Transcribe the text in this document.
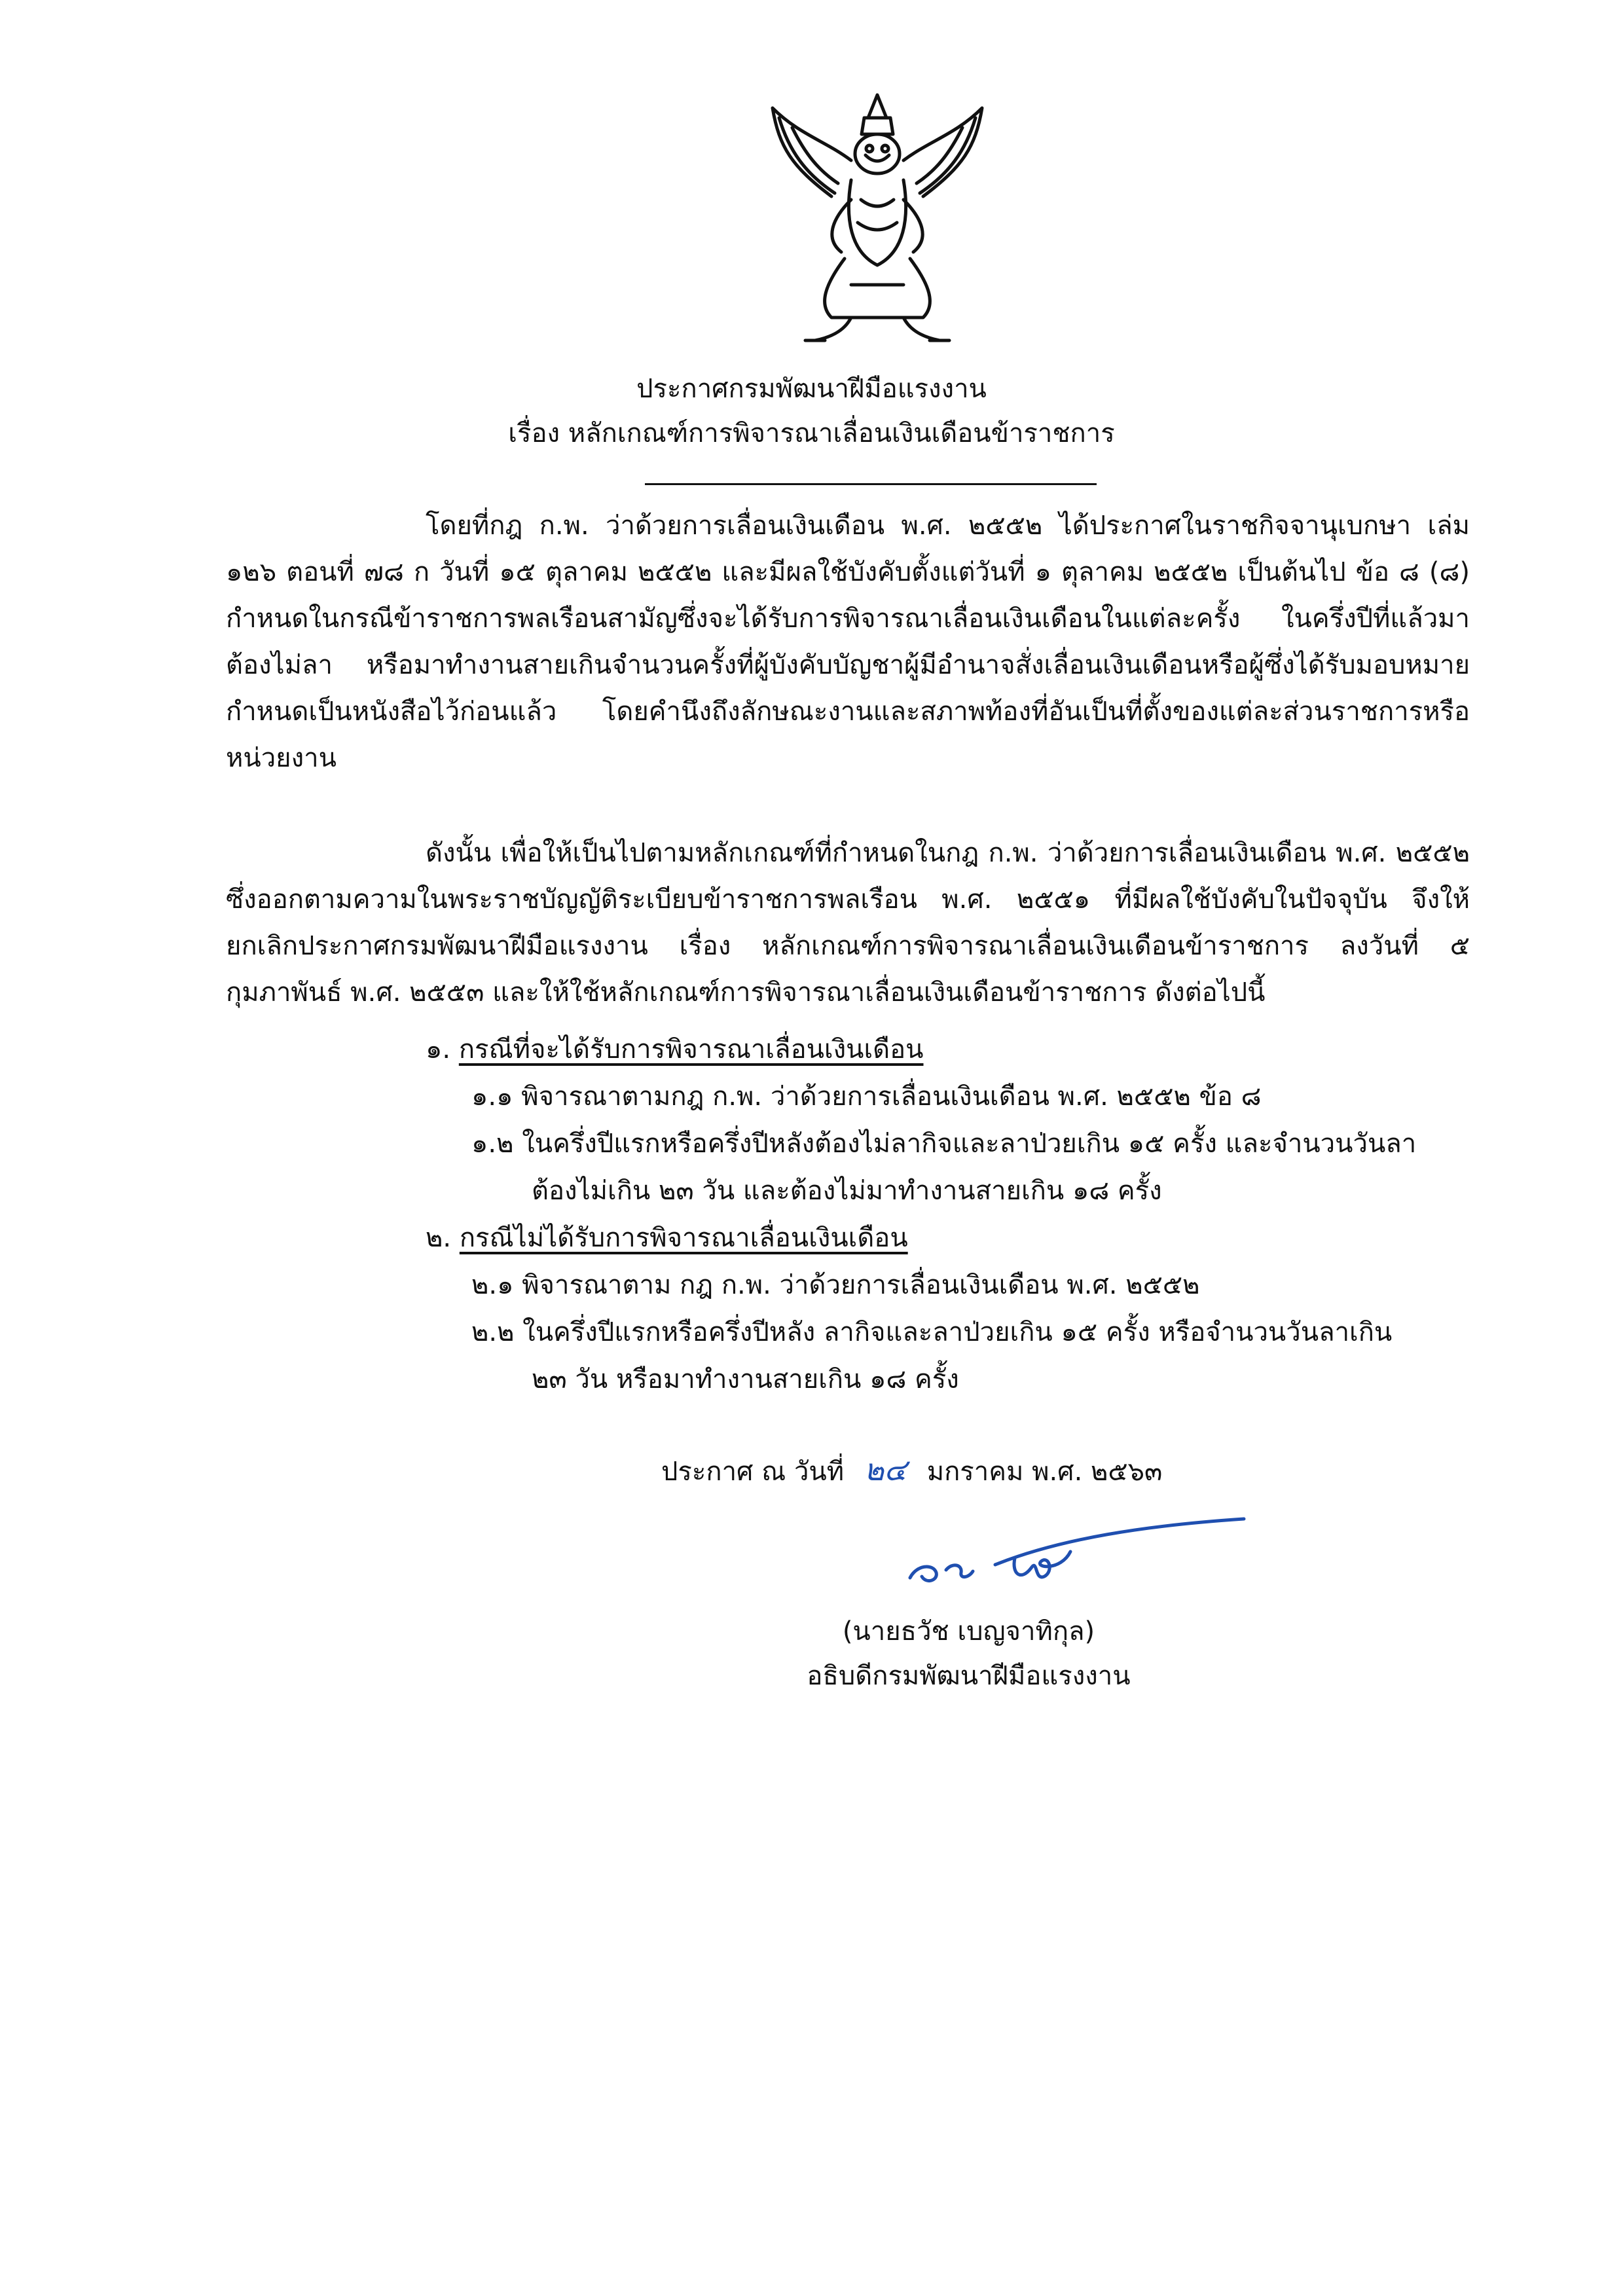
ประกาศกรมพัฒนาฝีมือแรงงาน
เรื่อง หลักเกณฑ์การพิจารณาเลื่อนเงินเดือนข้าราชการ

โดยที่กฎ ก.พ. ว่าด้วยการเลื่อนเงินเดือน พ.ศ. ๒๕๕๒ ได้ประกาศในราชกิจจานุเบกษา เล่ม ๑๒๖ ตอนที่ ๗๘ ก วันที่ ๑๕ ตุลาคม ๒๕๕๒ และมีผลใช้บังคับตั้งแต่วันที่ ๑ ตุลาคม ๒๕๕๒ เป็นต้นไป ข้อ ๘ (๘) กำหนดในกรณีข้าราชการพลเรือนสามัญซึ่งจะได้รับการพิจารณาเลื่อนเงินเดือนในแต่ละครั้ง ในครึ่งปีที่แล้วมาต้องไม่ลา หรือมาทำงานสายเกินจำนวนครั้งที่ผู้บังคับบัญชาผู้มีอำนาจสั่งเลื่อนเงินเดือนหรือผู้ซึ่งได้รับมอบหมายกำหนดเป็นหนังสือไว้ก่อนแล้ว โดยคำนึงถึงลักษณะงานและสภาพท้องที่อันเป็นที่ตั้งของแต่ละส่วนราชการหรือหน่วยงาน

ดังนั้น เพื่อให้เป็นไปตามหลักเกณฑ์ที่กำหนดในกฎ ก.พ. ว่าด้วยการเลื่อนเงินเดือน พ.ศ. ๒๕๕๒ ซึ่งออกตามความในพระราชบัญญัติระเบียบข้าราชการพลเรือน พ.ศ. ๒๕๕๑ ที่มีผลใช้บังคับในปัจจุบัน จึงให้ยกเลิกประกาศกรมพัฒนาฝีมือแรงงาน เรื่อง หลักเกณฑ์การพิจารณาเลื่อนเงินเดือนข้าราชการ ลงวันที่ ๕ กุมภาพันธ์ พ.ศ. ๒๕๕๓ และให้ใช้หลักเกณฑ์การพิจารณาเลื่อนเงินเดือนข้าราชการ ดังต่อไปนี้

๑. กรณีที่จะได้รับการพิจารณาเลื่อนเงินเดือน
๑.๑ พิจารณาตามกฎ ก.พ. ว่าด้วยการเลื่อนเงินเดือน พ.ศ. ๒๕๕๒ ข้อ ๘
๑.๒ ในครึ่งปีแรกหรือครึ่งปีหลังต้องไม่ลากิจและลาป่วยเกิน ๑๕ ครั้ง และจำนวนวันลา
ต้องไม่เกิน ๒๓ วัน และต้องไม่มาทำงานสายเกิน ๑๘ ครั้ง
๒. กรณีไม่ได้รับการพิจารณาเลื่อนเงินเดือน
๒.๑ พิจารณาตาม กฎ ก.พ. ว่าด้วยการเลื่อนเงินเดือน พ.ศ. ๒๕๕๒
๒.๒ ในครึ่งปีแรกหรือครึ่งปีหลัง ลากิจและลาป่วยเกิน ๑๕ ครั้ง หรือจำนวนวันลาเกิน
๒๓ วัน หรือมาทำงานสายเกิน ๑๘ ครั้ง
ประกาศ ณ วันที่ ๒๔ มกราคม พ.ศ. ๒๕๖๓
(นายธวัช เบญจาทิกุล)
อธิบดีกรมพัฒนาฝีมือแรงงาน
